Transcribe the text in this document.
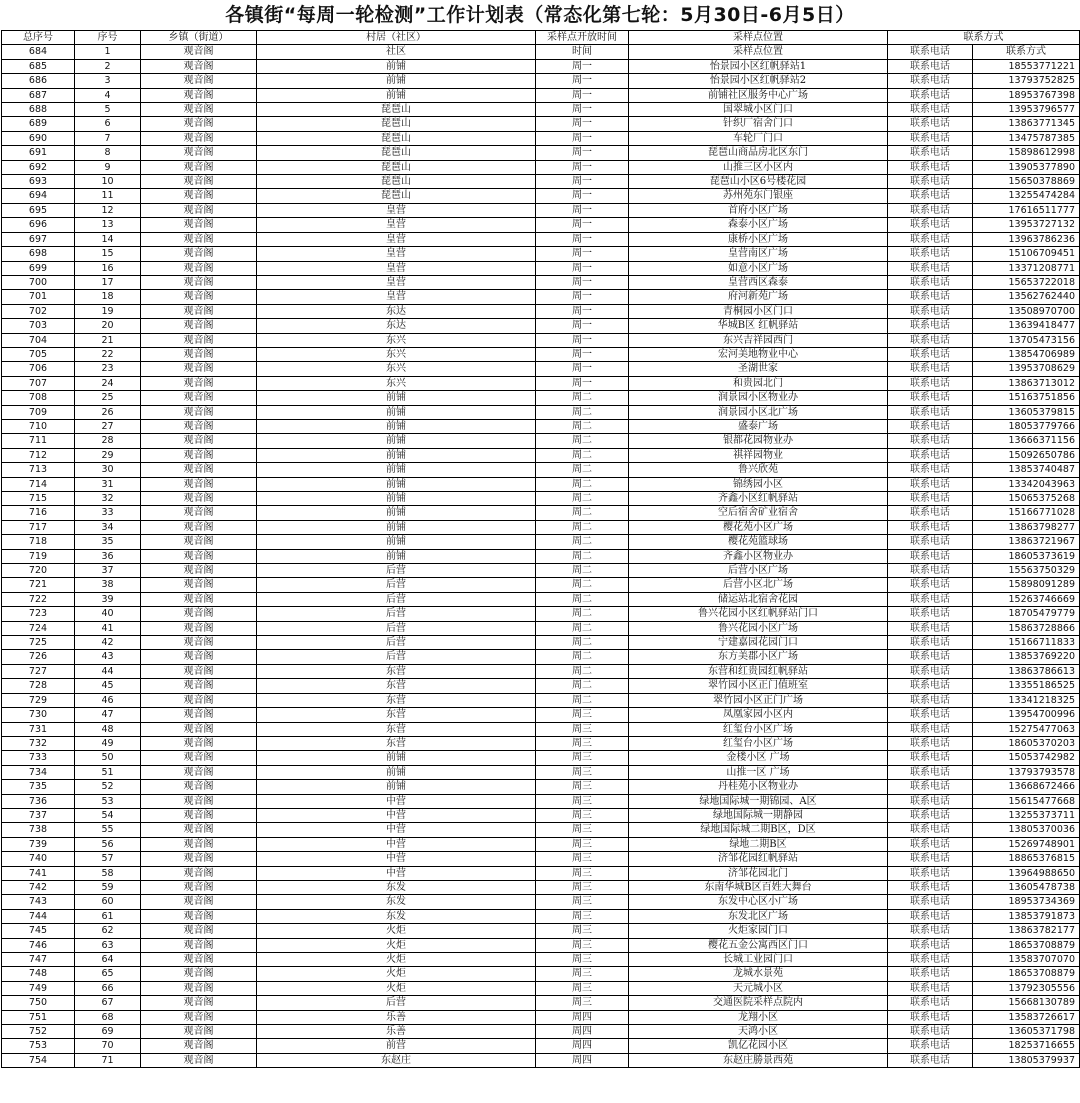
各镇街“每周一轮检测”工作计划表（常态化第七轮：5月30日-6月5日）
总序号	序号	乡镇（街道）	村居（社区）	采样点开放时间	采样点位置	联系方式	
684	1	观音阁	社区	时间	采样点位置	联系电话	联系方式
685	2	观音阁	前铺	周一	怡景园小区红帆驿站1	联系电话	18553771221
686	3	观音阁	前铺	周一	怡景园小区红帆驿站2	联系电话	13793752825
687	4	观音阁	前铺	周一	前铺社区服务中心广场	联系电话	18953767398
688	5	观音阁	琵琶山	周一	国翠城小区门口	联系电话	13953796577
689	6	观音阁	琵琶山	周一	针织厂宿舍门口	联系电话	13863771345
690	7	观音阁	琵琶山	周一	车轮厂门口	联系电话	13475787385
691	8	观音阁	琵琶山	周一	琵琶山商品房北区东门	联系电话	15898612998
692	9	观音阁	琵琶山	周一	山推三区小区内	联系电话	13905377890
693	10	观音阁	琵琶山	周一	琵琶山小区6号楼花园	联系电话	15650378869
694	11	观音阁	琵琶山	周一	苏州苑东门银座	联系电话	13255474284
695	12	观音阁	皇营	周一	首府小区广场	联系电话	17616511777
696	13	观音阁	皇营	周一	森泰小区广场	联系电话	13953727132
697	14	观音阁	皇营	周一	康桥小区广场	联系电话	13963786236
698	15	观音阁	皇营	周一	皇营南区广场	联系电话	15106709451
699	16	观音阁	皇营	周一	如意小区广场	联系电话	13371208771
700	17	观音阁	皇营	周一	皇营西区森泰	联系电话	15653722018
701	18	观音阁	皇营	周一	府河新苑广场	联系电话	13562762440
702	19	观音阁	东达	周一	青桐园小区门口	联系电话	13508970700
703	20	观音阁	东达	周一	华城B区 红帆驿站	联系电话	13639418477
704	21	观音阁	东兴	周一	东兴吉祥园西门	联系电话	13705473156
705	22	观音阁	东兴	周一	宏河美地物业中心	联系电话	13854706989
706	23	观音阁	东兴	周一	圣湖世家	联系电话	13953708629
707	24	观音阁	东兴	周一	和贵园北门	联系电话	13863713012
708	25	观音阁	前铺	周二	润景园小区物业办	联系电话	15163751856
709	26	观音阁	前铺	周二	润景园小区北广场	联系电话	13605379815
710	27	观音阁	前铺	周二	盛泰广场	联系电话	18053779766
711	28	观音阁	前铺	周二	银都花园物业办	联系电话	13666371156
712	29	观音阁	前铺	周二	祺祥园物业	联系电话	15092650786
713	30	观音阁	前铺	周二	鲁兴欣苑	联系电话	13853740487
714	31	观音阁	前铺	周二	锦绣园小区	联系电话	13342043963
715	32	观音阁	前铺	周二	齐鑫小区红帆驿站	联系电话	15065375268
716	33	观音阁	前铺	周二	空后宿舍矿业宿舍	联系电话	15166771028
717	34	观音阁	前铺	周二	樱花苑小区广场	联系电话	13863798277
718	35	观音阁	前铺	周二	樱花苑篮球场	联系电话	13863721967
719	36	观音阁	前铺	周二	齐鑫小区物业办	联系电话	18605373619
720	37	观音阁	后营	周二	后营小区广场	联系电话	15563750329
721	38	观音阁	后营	周二	后营小区北广场	联系电话	15898091289
722	39	观音阁	后营	周二	储运站北宿舍花园	联系电话	15263746669
723	40	观音阁	后营	周二	鲁兴花园小区红帆驿站门口	联系电话	18705479779
724	41	观音阁	后营	周二	鲁兴花园小区广场	联系电话	15863728866
725	42	观音阁	后营	周二	宁建嘉园花园门口	联系电话	15166711833
726	43	观音阁	后营	周二	东方美郡小区广场	联系电话	13853769220
727	44	观音阁	东营	周二	东营和红贵园红帆驿站	联系电话	13863786613
728	45	观音阁	东营	周二	翠竹园小区正门值班室	联系电话	13355186525
729	46	观音阁	东营	周二	翠竹园小区正门广场	联系电话	13341218325
730	47	观音阁	东营	周三	凤凰家园小区内	联系电话	13954700996
731	48	观音阁	东营	周三	红玺台小区广场	联系电话	15275477063
732	49	观音阁	东营	周三	红玺台小区广场	联系电话	18605370203
733	50	观音阁	前铺	周三	金楼小区 广场	联系电话	15053742982
734	51	观音阁	前铺	周三	山推一区 广场	联系电话	13793793578
735	52	观音阁	前铺	周三	丹桂苑小区物业办	联系电话	13668672466
736	53	观音阁	中营	周三	绿地国际城一期锦园、A区	联系电话	15615477668
737	54	观音阁	中营	周三	绿地国际城一期静园	联系电话	13255373711
738	55	观音阁	中营	周三	绿地国际城二期B区，D区	联系电话	13805370036
739	56	观音阁	中营	周三	绿地二期B区	联系电话	15269748901
740	57	观音阁	中营	周三	济邹花园红帆驿站	联系电话	18865376815
741	58	观音阁	中营	周三	济邹花园北门	联系电话	13964988650
742	59	观音阁	东发	周三	东南华城B区百姓大舞台	联系电话	13605478738
743	60	观音阁	东发	周三	东发中心区小广场	联系电话	18953734369
744	61	观音阁	东发	周三	东发北区广场	联系电话	13853791873
745	62	观音阁	火炬	周三	火炬家园门口	联系电话	13863782177
746	63	观音阁	火炬	周三	樱花五金公寓西区门口	联系电话	18653708879
747	64	观音阁	火炬	周三	长城工业园门口	联系电话	13583707070
748	65	观音阁	火炬	周三	龙城水景苑	联系电话	18653708879
749	66	观音阁	火炬	周三	天元城小区	联系电话	13792305556
750	67	观音阁	后营	周三	交通医院采样点院内	联系电话	15668130789
751	68	观音阁	乐善	周四	龙翔小区	联系电话	13583726617
752	69	观音阁	乐善	周四	天鸿小区	联系电话	13605371798
753	70	观音阁	前营	周四	凯亿花园小区	联系电话	18253716655
754	71	观音阁	东赵庄	周四	东赵庄勝景西苑	联系电话	13805379937
